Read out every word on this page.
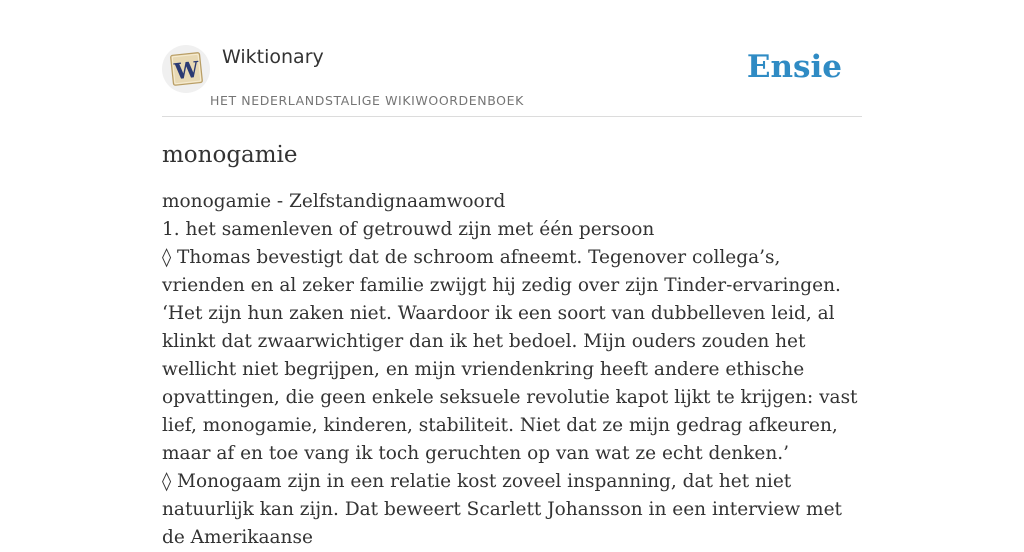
W Wiktionary
HET NEDERLANDSTALIGE WIKIWOORDENBOEK
Ensie
monogamie

monogamie - Zelfstandignaamwoord

1. het samenleven of getrouwd zijn met één persoon

◊ Thomas bevestigt dat de schroom afneemt. Tegenover collega’s, vrienden en al zeker familie zwijgt hij zedig over zijn Tinder-ervaringen. ‘Het zijn hun zaken niet. Waardoor ik een soort van dubbelleven leid, al klinkt dat zwaarwichtiger dan ik het bedoel. Mijn ouders zouden het wellicht niet begrijpen, en mijn vriendenkring heeft andere ethische opvattingen, die geen enkele seksuele revolutie kapot lijkt te krijgen: vast lief, monogamie, kinderen, stabiliteit. Niet dat ze mijn gedrag afkeuren, maar af en toe vang ik toch geruchten op van wat ze echt denken.’

◊ Monogaam zijn in een relatie kost zoveel inspanning, dat het niet natuurlijk kan zijn. Dat beweert Scarlett Johansson in een interview met de Amerikaanse
